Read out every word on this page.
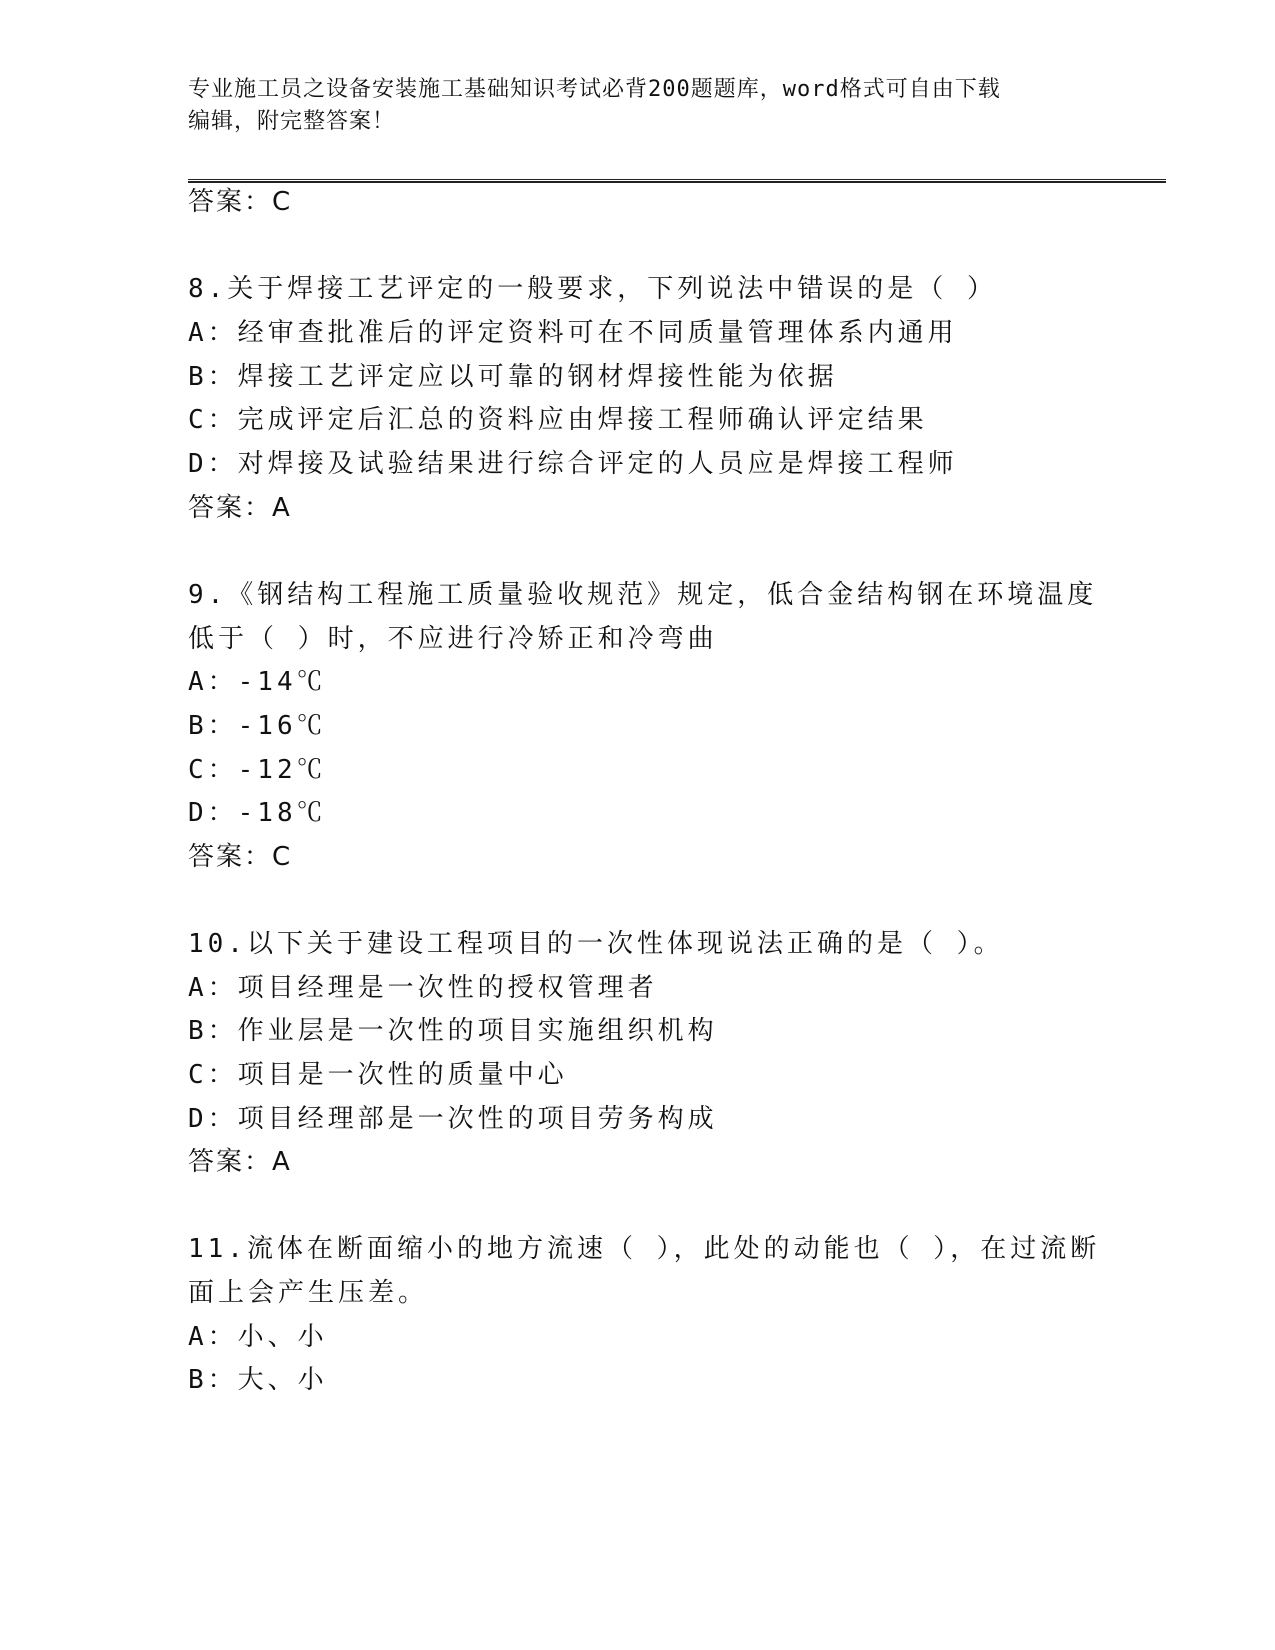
专业施工员之设备安装施工基础知识考试必背200题题库，word格式可自由下载
编辑，附完整答案！
答案：C
8.关于焊接工艺评定的一般要求，下列说法中错误的是（ ）
A：经审查批准后的评定资料可在不同质量管理体系内通用
B：焊接工艺评定应以可靠的钢材焊接性能为依据
C：完成评定后汇总的资料应由焊接工程师确认评定结果
D：对焊接及试验结果进行综合评定的人员应是焊接工程师
答案：A
9.《钢结构工程施工质量验收规范》规定，低合金结构钢在环境温度
低于（ ）时，不应进行冷矫正和冷弯曲
A：-14℃
B：-16℃
C：-12℃
D：-18℃
答案：C
10.以下关于建设工程项目的一次性体现说法正确的是（ ）。
A：项目经理是一次性的授权管理者
B：作业层是一次性的项目实施组织机构
C：项目是一次性的质量中心
D：项目经理部是一次性的项目劳务构成
答案：A
11.流体在断面缩小的地方流速（ ），此处的动能也（ ），在过流断
面上会产生压差。
A：小、小
B：大、小
